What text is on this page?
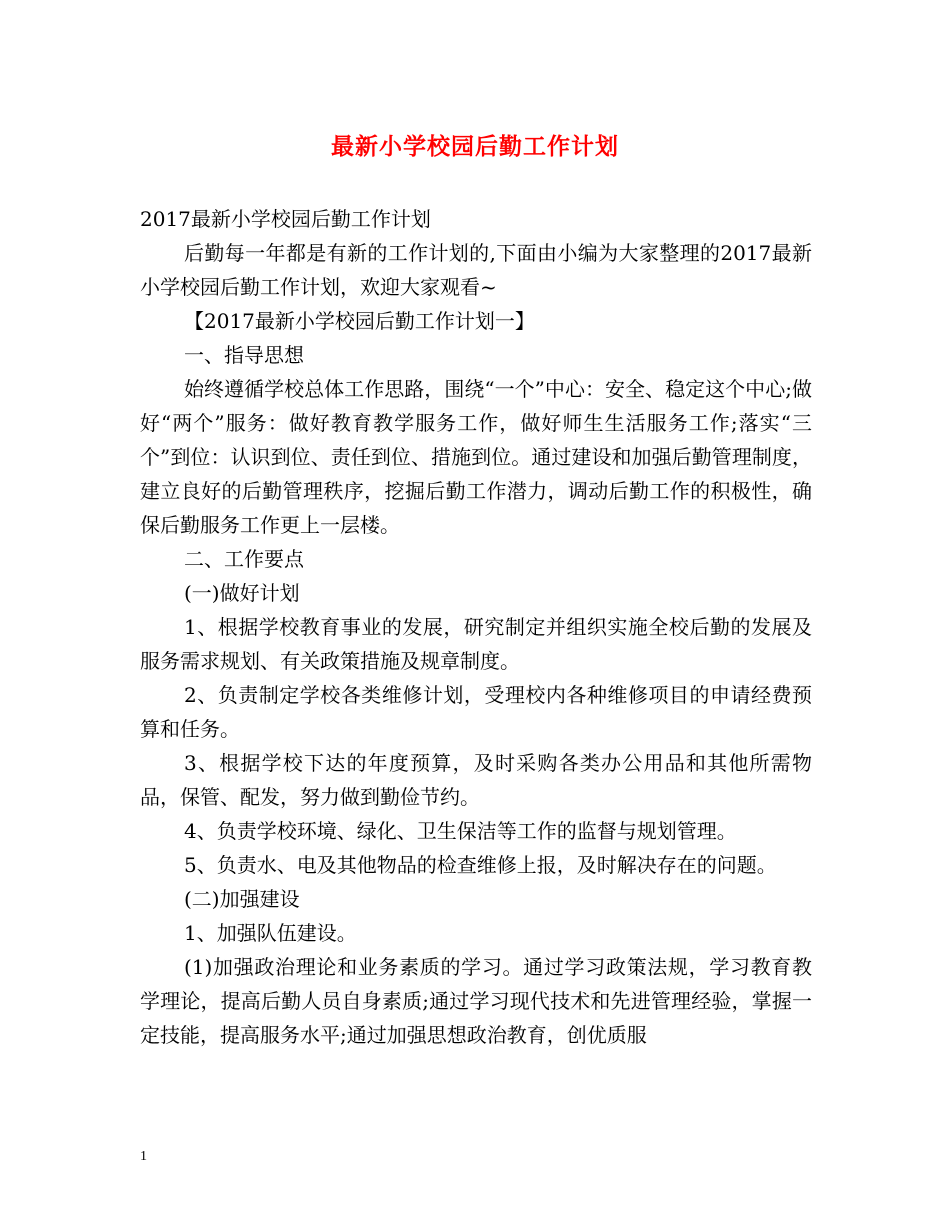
最新小学校园后勤工作计划

2017最新小学校园后勤工作计划

后勤每一年都是有新的工作计划的,下面由小编为大家整理的2017最新小学校园后勤工作计划，欢迎大家观看~

【2017最新小学校园后勤工作计划一】

一、指导思想

始终遵循学校总体工作思路，围绕“一个”中心：安全、稳定这个中心;做好“两个”服务：做好教育教学服务工作，做好师生生活服务工作;落实“三个”到位：认识到位、责任到位、措施到位。通过建设和加强后勤管理制度，建立良好的后勤管理秩序，挖掘后勤工作潜力，调动后勤工作的积极性，确保后勤服务工作更上一层楼。

二、工作要点

(一)做好计划

1、根据学校教育事业的发展，研究制定并组织实施全校后勤的发展及服务需求规划、有关政策措施及规章制度。

2、负责制定学校各类维修计划，受理校内各种维修项目的申请经费预算和任务。

3、根据学校下达的年度预算，及时采购各类办公用品和其他所需物品，保管、配发，努力做到勤俭节约。

4、负责学校环境、绿化、卫生保洁等工作的监督与规划管理。

5、负责水、电及其他物品的检查维修上报，及时解决存在的问题。

(二)加强建设

1、加强队伍建设。

(1)加强政治理论和业务素质的学习。通过学习政策法规，学习教育教学理论，提高后勤人员自身素质;通过学习现代技术和先进管理经验，掌握一定技能，提高服务水平;通过加强思想政治教育，创优质服

1
